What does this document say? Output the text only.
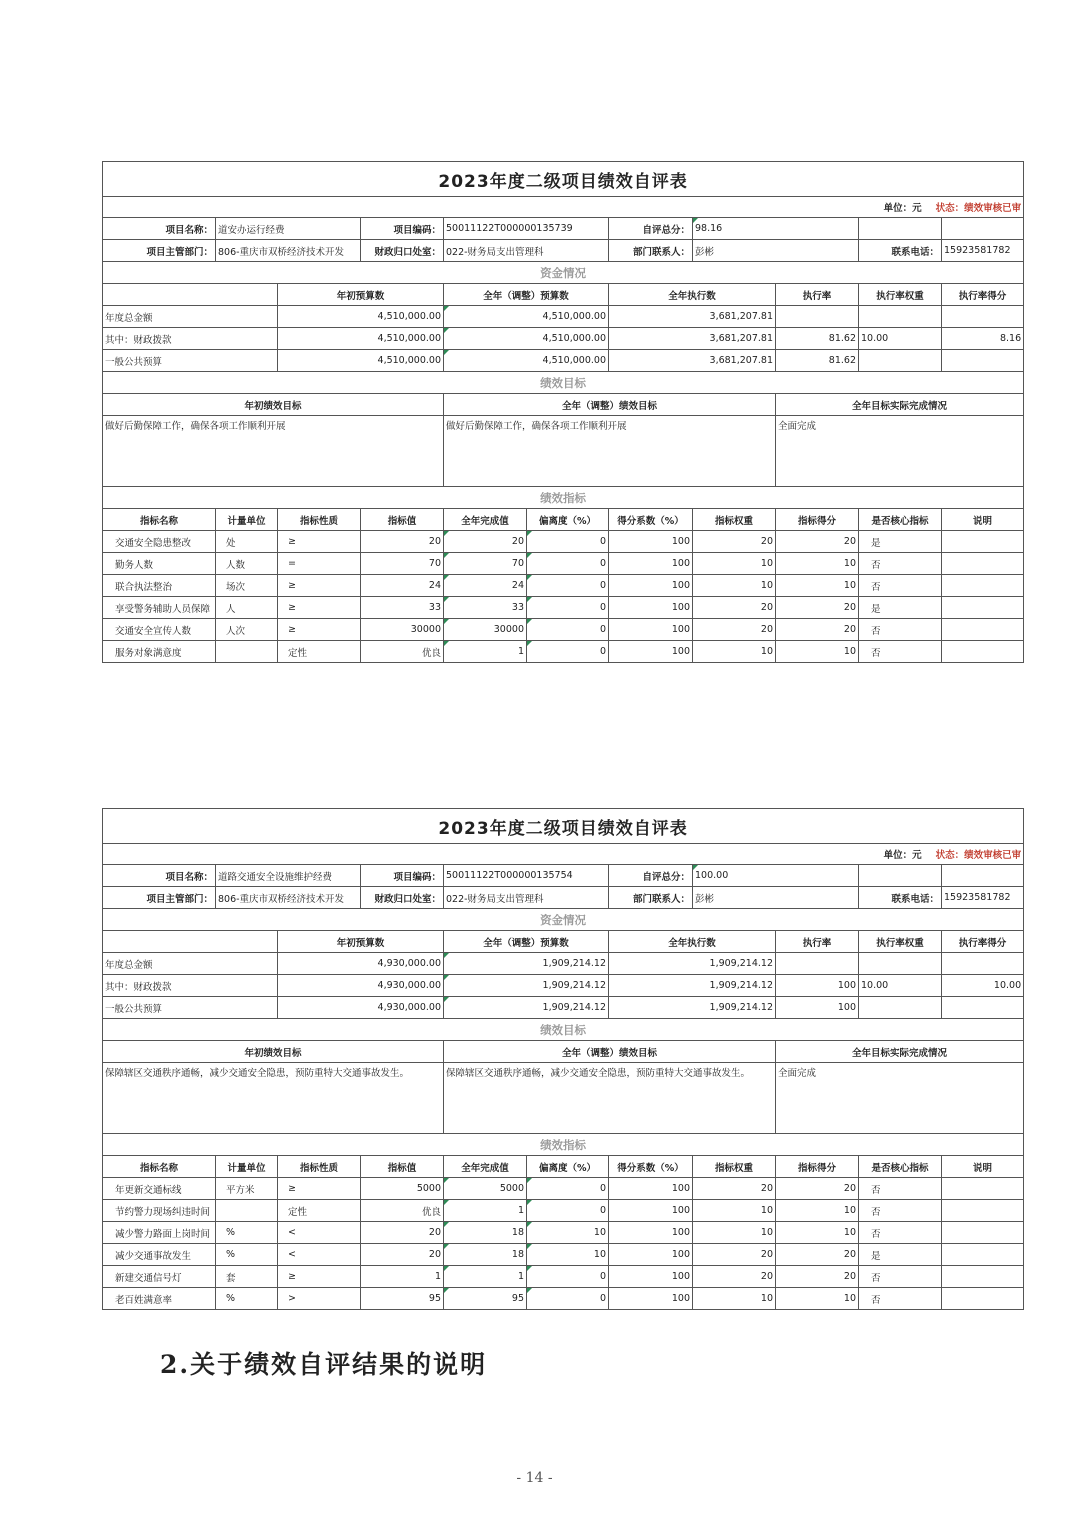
2023年度二级项目绩效自评表										
单位：元 状态：绩效审核已审										
项目名称：	道安办运行经费		项目编码：	50011122T000000135739		自评总分：	98.16			
项目主管部门：	806-重庆市双桥经济技术开发		财政归口处室：	022-财务局支出管理科		部门联系人：	彭彬		联系电话：	15923581782
资金情况										
		年初预算数		全年（调整）预算数		全年执行数		执行率	执行率权重	执行率得分
年度总金额		4,510,000.00		4,510,000.00		3,681,207.81				
其中：财政拨款		4,510,000.00		4,510,000.00		3,681,207.81		81.62	10.00	8.16
一般公共预算		4,510,000.00		4,510,000.00		3,681,207.81		81.62		
绩效目标										
年初绩效目标				全年（调整）绩效目标				全年目标实际完成情况		
做好后勤保障工作，确保各项工作顺利开展				做好后勤保障工作，确保各项工作顺利开展				全面完成		
绩效指标										
指标名称	计量单位	指标性质	指标值	全年完成值	偏离度（%）	得分系数（%）	指标权重	指标得分	是否核心指标	说明
交通安全隐患整改	处	≥	20	20	0	100	20	20	是	
勤务人数	人数	=	70	70	0	100	10	10	否	
联合执法整治	场次	≥	24	24	0	100	10	10	否	
享受警务辅助人员保障	人	≥	33	33	0	100	20	20	是	
交通安全宣传人数	人次	≥	30000	30000	0	100	20	20	否	
服务对象满意度		定性	优良	1	0	100	10	10	否	
2023年度二级项目绩效自评表										
单位：元 状态：绩效审核已审										
项目名称：	道路交通安全设施维护经费		项目编码：	50011122T000000135754		自评总分：	100.00			
项目主管部门：	806-重庆市双桥经济技术开发		财政归口处室：	022-财务局支出管理科		部门联系人：	彭彬		联系电话：	15923581782
资金情况										
		年初预算数		全年（调整）预算数		全年执行数		执行率	执行率权重	执行率得分
年度总金额		4,930,000.00		1,909,214.12		1,909,214.12				
其中：财政拨款		4,930,000.00		1,909,214.12		1,909,214.12		100	10.00	10.00
一般公共预算		4,930,000.00		1,909,214.12		1,909,214.12		100		
绩效目标										
年初绩效目标				全年（调整）绩效目标				全年目标实际完成情况		
保障辖区交通秩序通畅，减少交通安全隐患，预防重特大交通事故发生。				保障辖区交通秩序通畅，减少交通安全隐患，预防重特大交通事故发生。				全面完成		
绩效指标										
指标名称	计量单位	指标性质	指标值	全年完成值	偏离度（%）	得分系数（%）	指标权重	指标得分	是否核心指标	说明
年更新交通标线	平方米	≥	5000	5000	0	100	20	20	否	
节约警力现场纠违时间		定性	优良	1	0	100	10	10	否	
减少警力路面上岗时间	%	<	20	18	10	100	10	10	否	
减少交通事故发生	%	<	20	18	10	100	20	20	是	
新建交通信号灯	套	≥	1	1	0	100	20	20	否	
老百姓满意率	%	>	95	95	0	100	10	10	否	
2.关于绩效自评结果的说明
- 14 -
